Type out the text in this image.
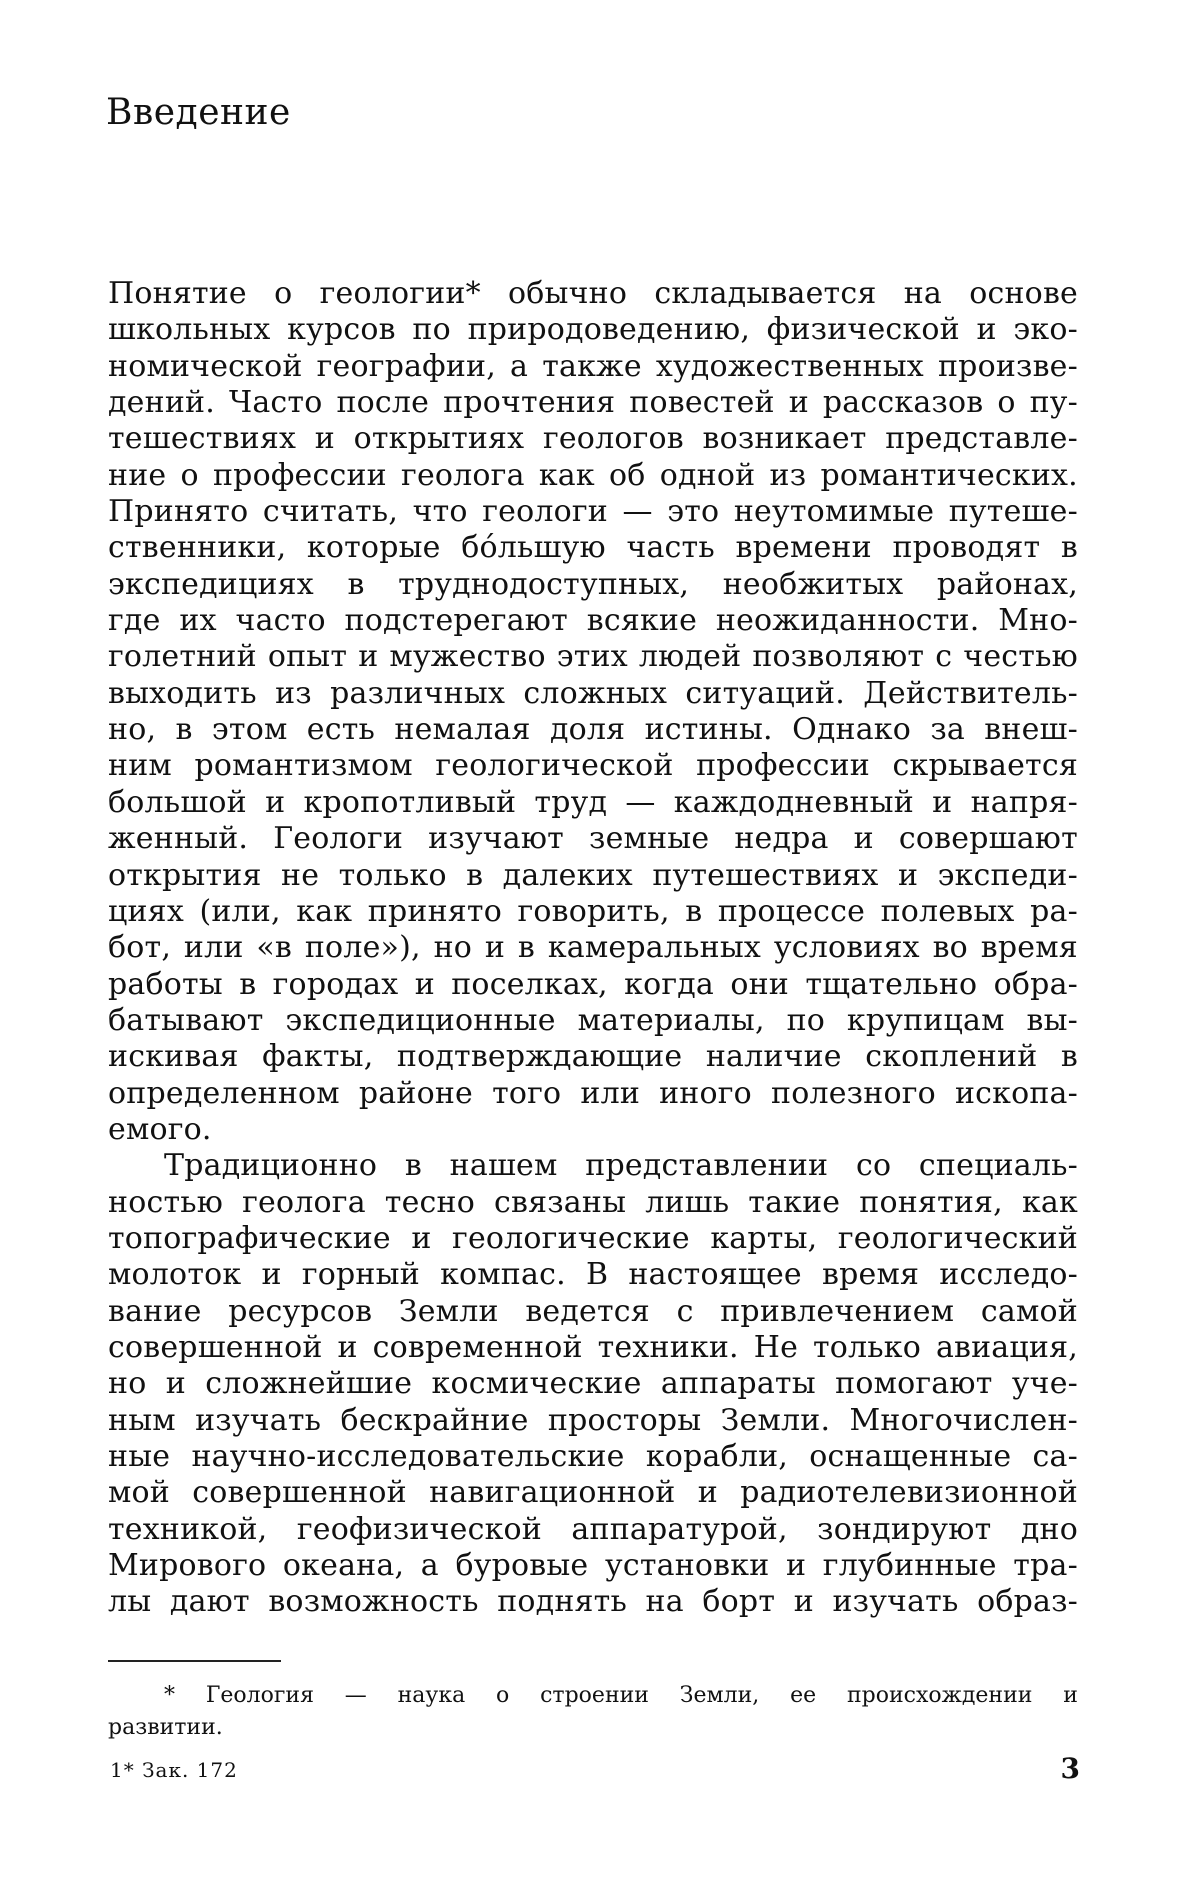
Введение
Понятие о геологии* обычно складывается на основе
школьных курсов по природоведению, физической и эко-
номической географии, а также художественных произве-
дений. Часто после прочтения повестей и рассказов о пу-
тешествиях и открытиях геологов возникает представле-
ние о профессии геолога как об одной из романтических.
Принято считать, что геологи — это неутомимые путеше-
ственники, которые бо́льшую часть времени проводят в
экспедициях в труднодоступных, необжитых районах,
где их часто подстерегают всякие неожиданности. Мно-
голетний опыт и мужество этих людей позволяют с честью
выходить из различных сложных ситуаций. Действитель-
но, в этом есть немалая доля истины. Однако за внеш-
ним романтизмом геологической профессии скрывается
большой и кропотливый труд — каждодневный и напря-
женный. Геологи изучают земные недра и совершают
открытия не только в далеких путешествиях и экспеди-
циях (или, как принято говорить, в процессе полевых ра-
бот, или «в поле»), но и в камеральных условиях во время
работы в городах и поселках, когда они тщательно обра-
батывают экспедиционные материалы, по крупицам вы-
искивая факты, подтверждающие наличие скоплений в
определенном районе того или иного полезного ископа-
емого.
Традиционно в нашем представлении со специаль-
ностью геолога тесно связаны лишь такие понятия, как
топографические и геологические карты, геологический
молоток и горный компас. В настоящее время исследо-
вание ресурсов Земли ведется с привлечением самой
совершенной и современной техники. Не только авиация,
но и сложнейшие космические аппараты помогают уче-
ным изучать бескрайние просторы Земли. Многочислен-
ные научно-исследовательские корабли, оснащенные са-
мой совершенной навигационной и радиотелевизионной
техникой, геофизической аппаратурой, зондируют дно
Мирового океана, а буровые установки и глубинные тра-
лы дают возможность поднять на борт и изучать образ-
* Геология — наука о строении Земли, ее происхождении и
развитии.
1* Зак. 172	3
